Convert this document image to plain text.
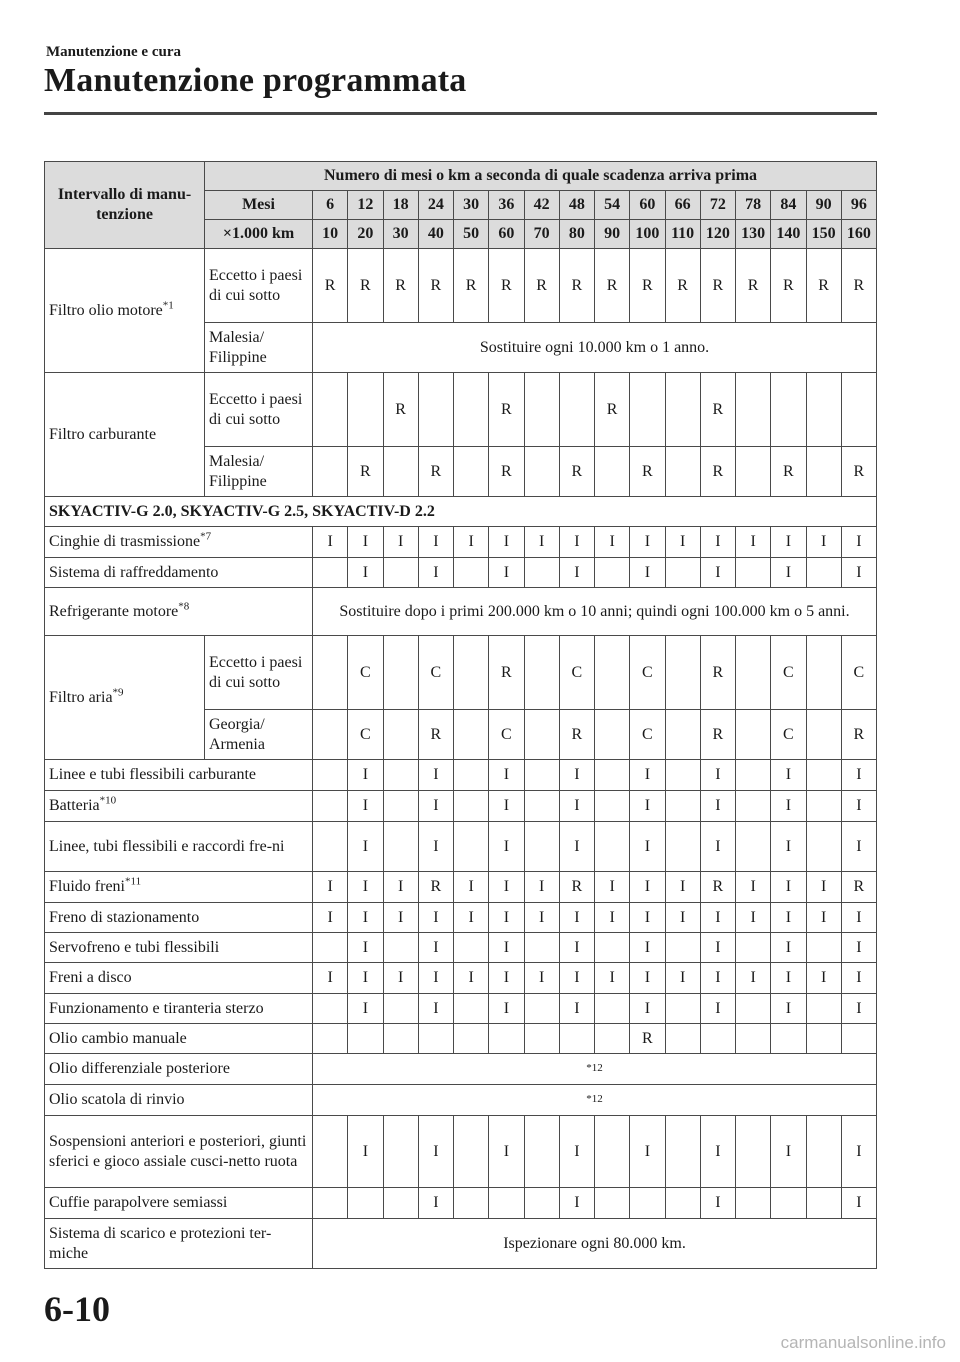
Manutenzione e cura
Manutenzione programmata
Intervallo di manu-tenzione	Numero di mesi o km a seconda di quale scadenza arriva prima																
	Mesi	6	12	18	24	30	36	42	48	54	60	66	72	78	84	90	96
	×1.000 km	10	20	30	40	50	60	70	80	90	100	110	120	130	140	150	160
Filtro olio motore$^{*1}$	Eccetto i paesi di cui sotto	R	R	R	R	R	R	R	R	R	R	R	R	R	R	R	R
	Malesia/ Filippine	Sostituire ogni 10.000 km o 1 anno.															
Filtro carburante	Eccetto i paesi di cui sotto			R			R			R			R				
	Malesia/ Filippine		R		R		R		R		R		R		R		R
SKYACTIV-G 2.0, SKYACTIV-G 2.5, SKYACTIV-D 2.2																	
Cinghie di trasmissione$^{*7}$		I	I	I	I	I	I	I	I	I	I	I	I	I	I	I	I
Sistema di raffreddamento			I		I		I		I		I		I		I		I
Refrigerante motore$^{*8}$		Sostituire dopo i primi 200.000 km o 10 anni; quindi ogni 100.000 km o 5 anni.															
Filtro aria$^{*9}$	Eccetto i paesi di cui sotto		C		C		R		C		C		R		C		C
	Georgia/ Armenia		C		R		C		R		C		R		C		R
Linee e tubi flessibili carburante			I		I		I		I		I		I		I		I
Batteria$^{*10}$			I		I		I		I		I		I		I		I
Linee, tubi flessibili e raccordi fre-ni			I		I		I		I		I		I		I		I
Fluido freni$^{*11}$		I	I	I	R	I	I	I	R	I	I	I	R	I	I	I	R
Freno di stazionamento		I	I	I	I	I	I	I	I	I	I	I	I	I	I	I	I
Servofreno e tubi flessibili			I		I		I		I		I		I		I		I
Freni a disco		I	I	I	I	I	I	I	I	I	I	I	I	I	I	I	I
Funzionamento e tiranteria sterzo			I		I		I		I		I		I		I		I
Olio cambio manuale											R						
Olio differenziale posteriore		*12															
Olio scatola di rinvio		*12															
Sospensioni anteriori e posteriori, giunti sferici e gioco assiale cusci-netto ruota			I		I		I		I		I		I		I		I
Cuffie parapolvere semiassi					I				I				I				I
Sistema di scarico e protezioni ter-miche		Ispezionare ogni 80.000 km.															
6-10
carmanualsonline.info
